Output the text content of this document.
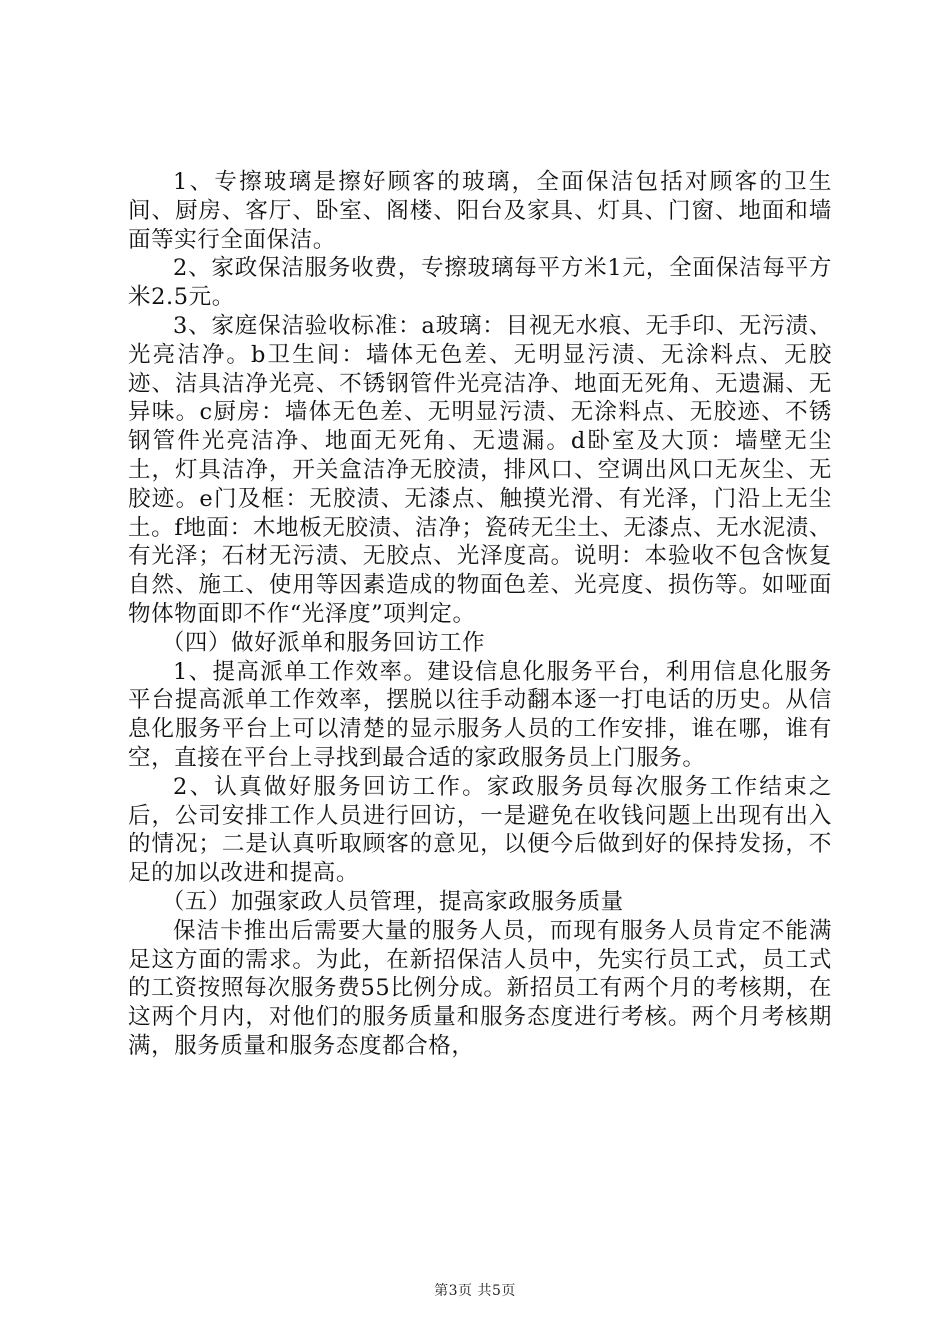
1、专擦玻璃是擦好顾客的玻璃，全面保洁包括对顾客的卫生间、厨房、客厅、卧室、阁楼、阳台及家具、灯具、门窗、地面和墙面等实行全面保洁。

2、家政保洁服务收费，专擦玻璃每平方米1元，全面保洁每平方米2.5元。

3、家庭保洁验收标准：a玻璃：目视无水痕、无手印、无污渍、光亮洁净。b卫生间：墙体无色差、无明显污渍、无涂料点、无胶迹、洁具洁净光亮、不锈钢管件光亮洁净、地面无死角、无遗漏、无异味。c厨房：墙体无色差、无明显污渍、无涂料点、无胶迹、不锈钢管件光亮洁净、地面无死角、无遗漏。d卧室及大顶：墙壁无尘土，灯具洁净，开关盒洁净无胶渍，排风口、空调出风口无灰尘、无胶迹。e门及框：无胶渍、无漆点、触摸光滑、有光泽，门沿上无尘土。f地面：木地板无胶渍、洁净；瓷砖无尘土、无漆点、无水泥渍、有光泽；石材无污渍、无胶点、光泽度高。说明：本验收不包含恢复自然、施工、使用等因素造成的物面色差、光亮度、损伤等。如哑面物体物面即不作“光泽度”项判定。

（四）做好派单和服务回访工作

1、提高派单工作效率。建设信息化服务平台，利用信息化服务平台提高派单工作效率，摆脱以往手动翻本逐一打电话的历史。从信息化服务平台上可以清楚的显示服务人员的工作安排，谁在哪，谁有空，直接在平台上寻找到最合适的家政服务员上门服务。

2、认真做好服务回访工作。家政服务员每次服务工作结束之后，公司安排工作人员进行回访，一是避免在收钱问题上出现有出入的情况；二是认真听取顾客的意见，以便今后做到好的保持发扬，不足的加以改进和提高。

（五）加强家政人员管理，提高家政服务质量

保洁卡推出后需要大量的服务人员，而现有服务人员肯定不能满足这方面的需求。为此，在新招保洁人员中，先实行员工式，员工式的工资按照每次服务费55比例分成。新招员工有两个月的考核期，在这两个月内，对他们的服务质量和服务态度进行考核。两个月考核期满，服务质量和服务态度都合格，

第3页 共5页
